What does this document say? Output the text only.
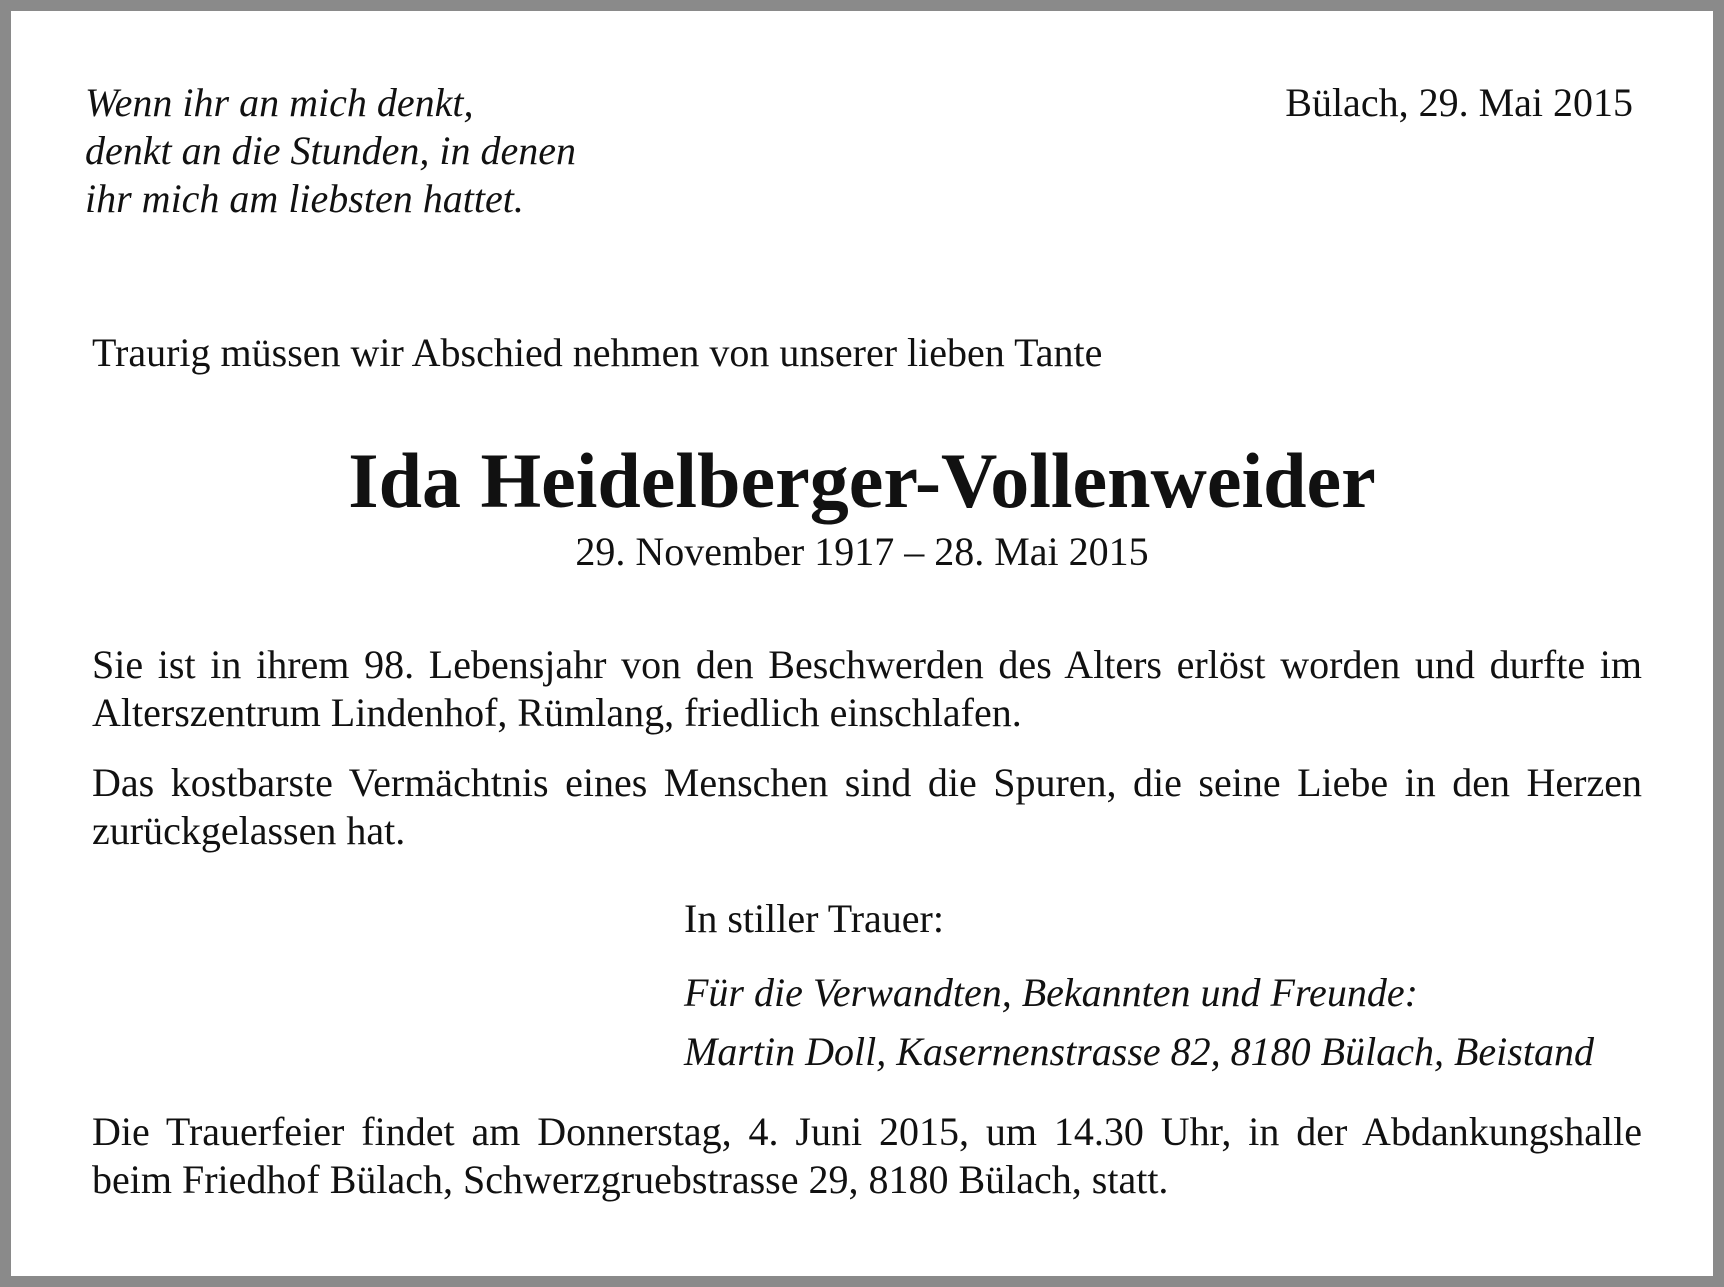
Wenn ihr an mich denkt,
denkt an die Stunden, in denen
ihr mich am liebsten hattet.
Bülach, 29. Mai 2015
Traurig müssen wir Abschied nehmen von unserer lieben Tante
Ida Heidelberger-Vollenweider
29. November 1917 – 28. Mai 2015
Sie ist in ihrem 98. Lebensjahr von den Beschwerden des Alters erlöst worden und durfte im Alterszentrum Lindenhof, Rümlang, friedlich einschlafen.
Das kostbarste Vermächtnis eines Menschen sind die Spuren, die seine Liebe in den Herzen zurückgelassen hat.
In stiller Trauer:
Für die Verwandten, Bekannten und Freunde:
Martin Doll, Kasernenstrasse 82, 8180 Bülach, Beistand
Die Trauerfeier findet am Donnerstag, 4. Juni 2015, um 14.30 Uhr, in der Abdankungshalle beim Friedhof Bülach, Schwerzgruebstrasse 29, 8180 Bülach, statt.
